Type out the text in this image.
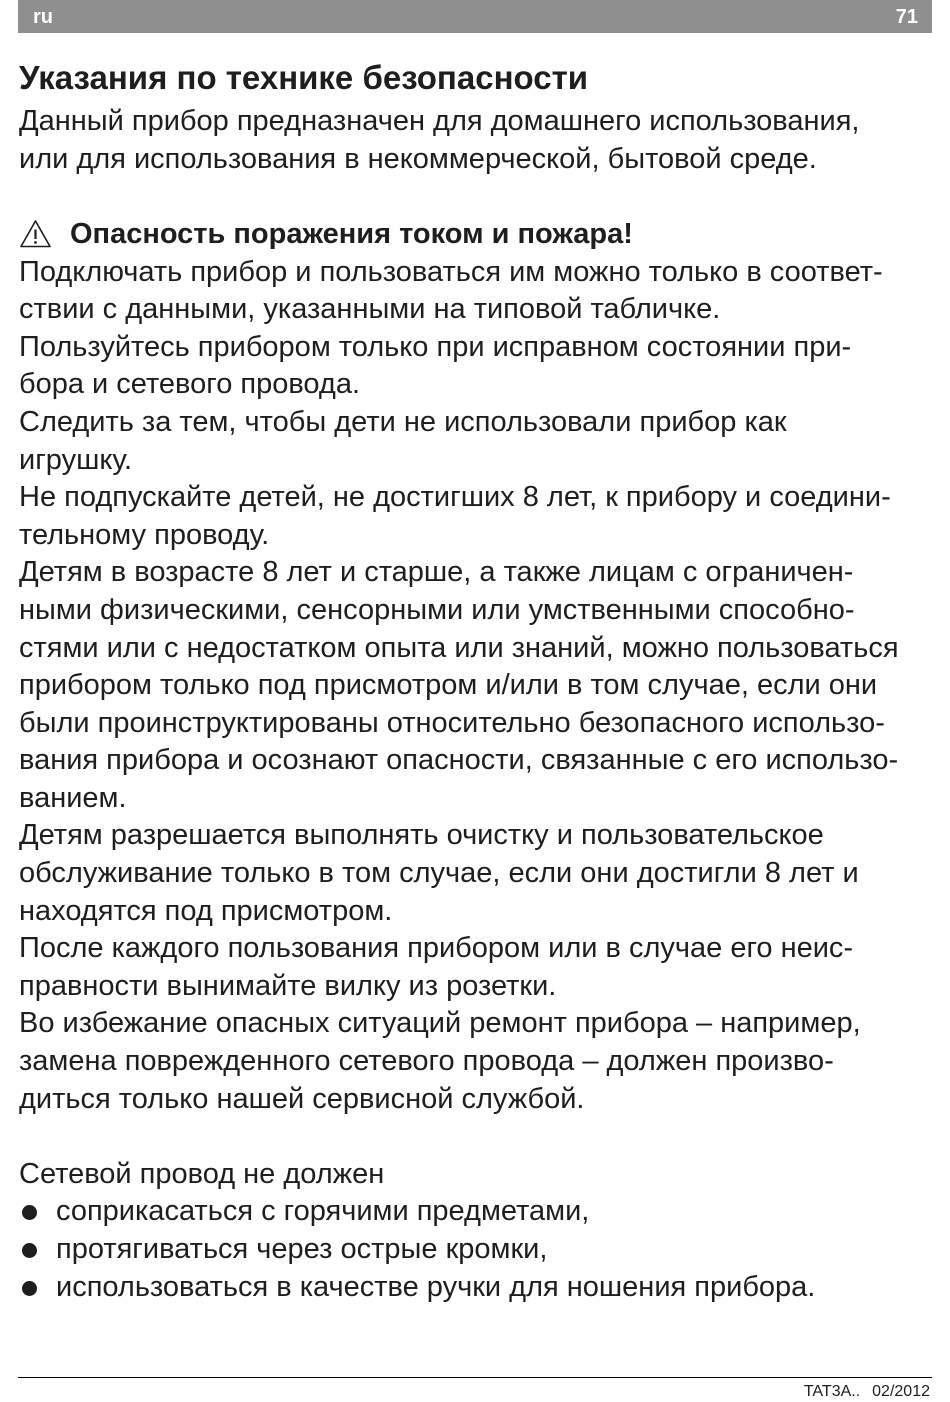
ru	71
Указания по технике безопасности
Данный прибор предназначен для домашнего использования,
или для использования в некоммерческой, бытовой среде.
Опасность поражения током и пожара!
Подключать прибор и пользоваться им можно только в соответ-
ствии с данными, указанными на типовой табличке.
Пользуйтесь прибором только при исправном состоянии при-
бора и сетевого провода.
Следить за тем, чтобы дети не использовали прибор как
игрушку.
Не подпускайте детей, не достигших 8 лет, к прибору и соедини-
тельному проводу.
Детям в возрасте 8 лет и старше, а также лицам с ограничен-
ными физическими, сенсорными или умственными способно-
стями или с недостатком опыта или знаний, можно пользоваться
прибором только под присмотром и/или в том случае, если они
были проинструктированы относительно безопасного использо-
вания прибора и осознают опасности, связанные с его использо-
ванием.
Детям разрешается выполнять очистку и пользовательское
обслуживание только в том случае, если они достигли 8 лет и
находятся под присмотром.
После каждого пользования прибором или в случае его неис-
правности вынимайте вилку из розетки.
Во избежание опасных ситуаций ремонт прибора – например,
замена поврежденного сетевого провода – должен произво-
диться только нашей сервисной службой.
Сетевой провод не должен
соприкасаться с горячими предметами,
протягиваться через острые кромки,
использоваться в качестве ручки для ношения прибора.
TAT3A.. 02/2012
